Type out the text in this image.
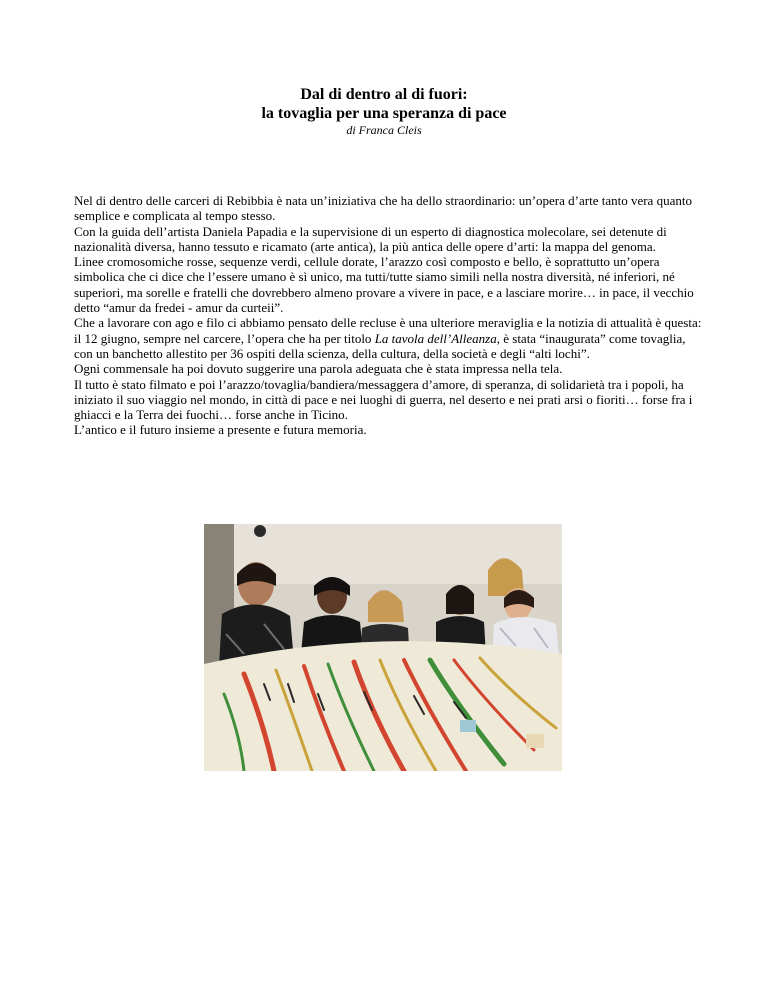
Dal di dentro al di fuori:
la tovaglia per una speranza di pace
di Franca Cleis

Nel di dentro delle carceri di Rebibbia è nata un’iniziativa che ha dello straordinario: un’opera d’arte tanto vera quanto semplice e complicata al tempo stesso.

Con la guida dell’artista Daniela Papadia e la supervisione di un esperto di diagnostica molecolare, sei detenute di nazionalità diversa, hanno tessuto e ricamato (arte antica), la più antica delle opere d’arti: la mappa del genoma.

Linee cromosomiche rosse, sequenze verdi, cellule dorate, l’arazzo così composto e bello, è soprattutto un’opera simbolica che ci dice che l’essere umano è sì unico, ma tutti/tutte siamo simili nella nostra diversità, né inferiori, né superiori, ma sorelle e fratelli che dovrebbero almeno provare a vivere in pace, e a lasciare morire… in pace, il vecchio detto “amur da fredei - amur da curteii”.

Che a lavorare con ago e filo ci abbiamo pensato delle recluse è una ulteriore meraviglia e la notizia di attualità è questa: il 12 giugno, sempre nel carcere, l’opera che ha per titolo La tavola dell’Alleanza, è stata “inaugurata” come tovaglia, con un banchetto allestito per 36 ospiti della scienza, della cultura, della società e degli “alti lochi”.

Ogni commensale ha poi dovuto suggerire una parola adeguata che è stata impressa nella tela.

Il tutto è stato filmato e poi l’arazzo/tovaglia/bandiera/messaggera d’amore, di speranza, di solidarietà tra i popoli, ha iniziato il suo viaggio nel mondo, in città di pace e nei luoghi di guerra, nel deserto e nei prati arsi o fioriti… forse fra i ghiacci e la Terra dei fuochi… forse anche in Ticino.

L’antico e il futuro insieme a presente e futura memoria.
